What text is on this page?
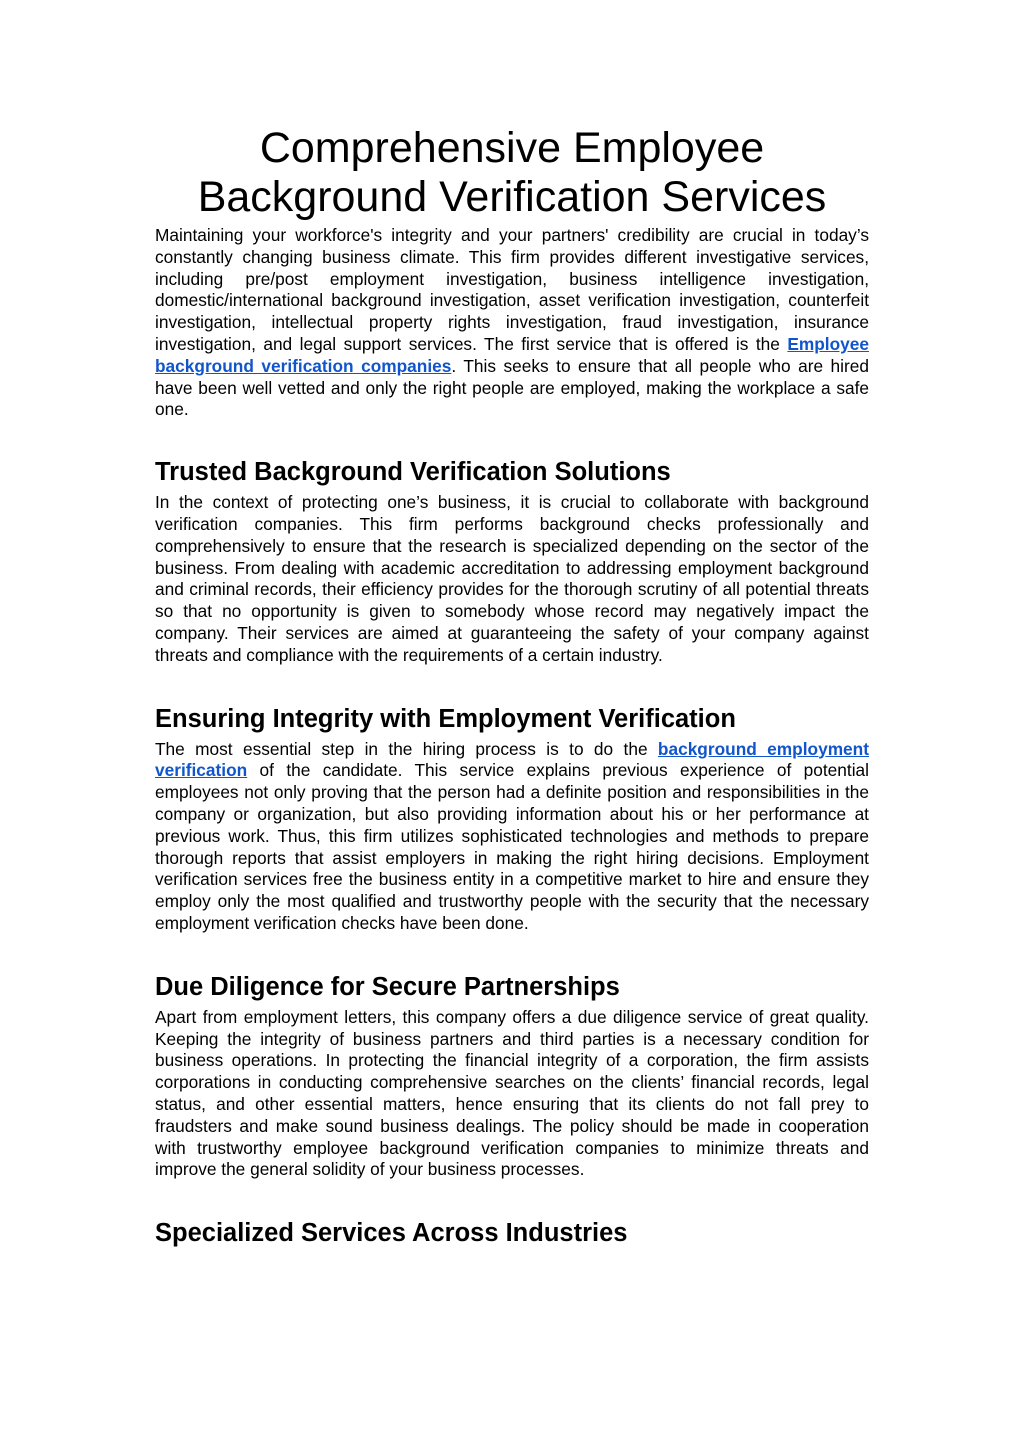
Comprehensive Employee
Background Verification Services

Maintaining your workforce's integrity and your partners' credibility are crucial in today’s constantly changing business climate. This firm provides different investigative services, including pre/post employment investigation, business intelligence investigation, domestic/international background investigation, asset verification investigation, counterfeit investigation, intellectual property rights investigation, fraud investigation, insurance investigation, and legal support services. The first service that is offered is the Employee background verification companies. This seeks to ensure that all people who are hired have been well vetted and only the right people are employed, making the workplace a safe one.

Trusted Background Verification Solutions

In the context of protecting one’s business, it is crucial to collaborate with background verification companies. This firm performs background checks professionally and comprehensively to ensure that the research is specialized depending on the sector of the business. From dealing with academic accreditation to addressing employment background and criminal records, their efficiency provides for the thorough scrutiny of all potential threats so that no opportunity is given to somebody whose record may negatively impact the company. Their services are aimed at guaranteeing the safety of your company against threats and compliance with the requirements of a certain industry.

Ensuring Integrity with Employment Verification

The most essential step in the hiring process is to do the background employment verification of the candidate. This service explains previous experience of potential employees not only proving that the person had a definite position and responsibilities in the company or organization, but also providing information about his or her performance at previous work. Thus, this firm utilizes sophisticated technologies and methods to prepare thorough reports that assist employers in making the right hiring decisions. Employment verification services free the business entity in a competitive market to hire and ensure they employ only the most qualified and trustworthy people with the security that the necessary employment verification checks have been done.

Due Diligence for Secure Partnerships

Apart from employment letters, this company offers a due diligence service of great quality. Keeping the integrity of business partners and third parties is a necessary condition for business operations. In protecting the financial integrity of a corporation, the firm assists corporations in conducting comprehensive searches on the clients’ financial records, legal status, and other essential matters, hence ensuring that its clients do not fall prey to fraudsters and make sound business dealings. The policy should be made in cooperation with trustworthy employee background verification companies to minimize threats and improve the general solidity of your business processes.

Specialized Services Across Industries
